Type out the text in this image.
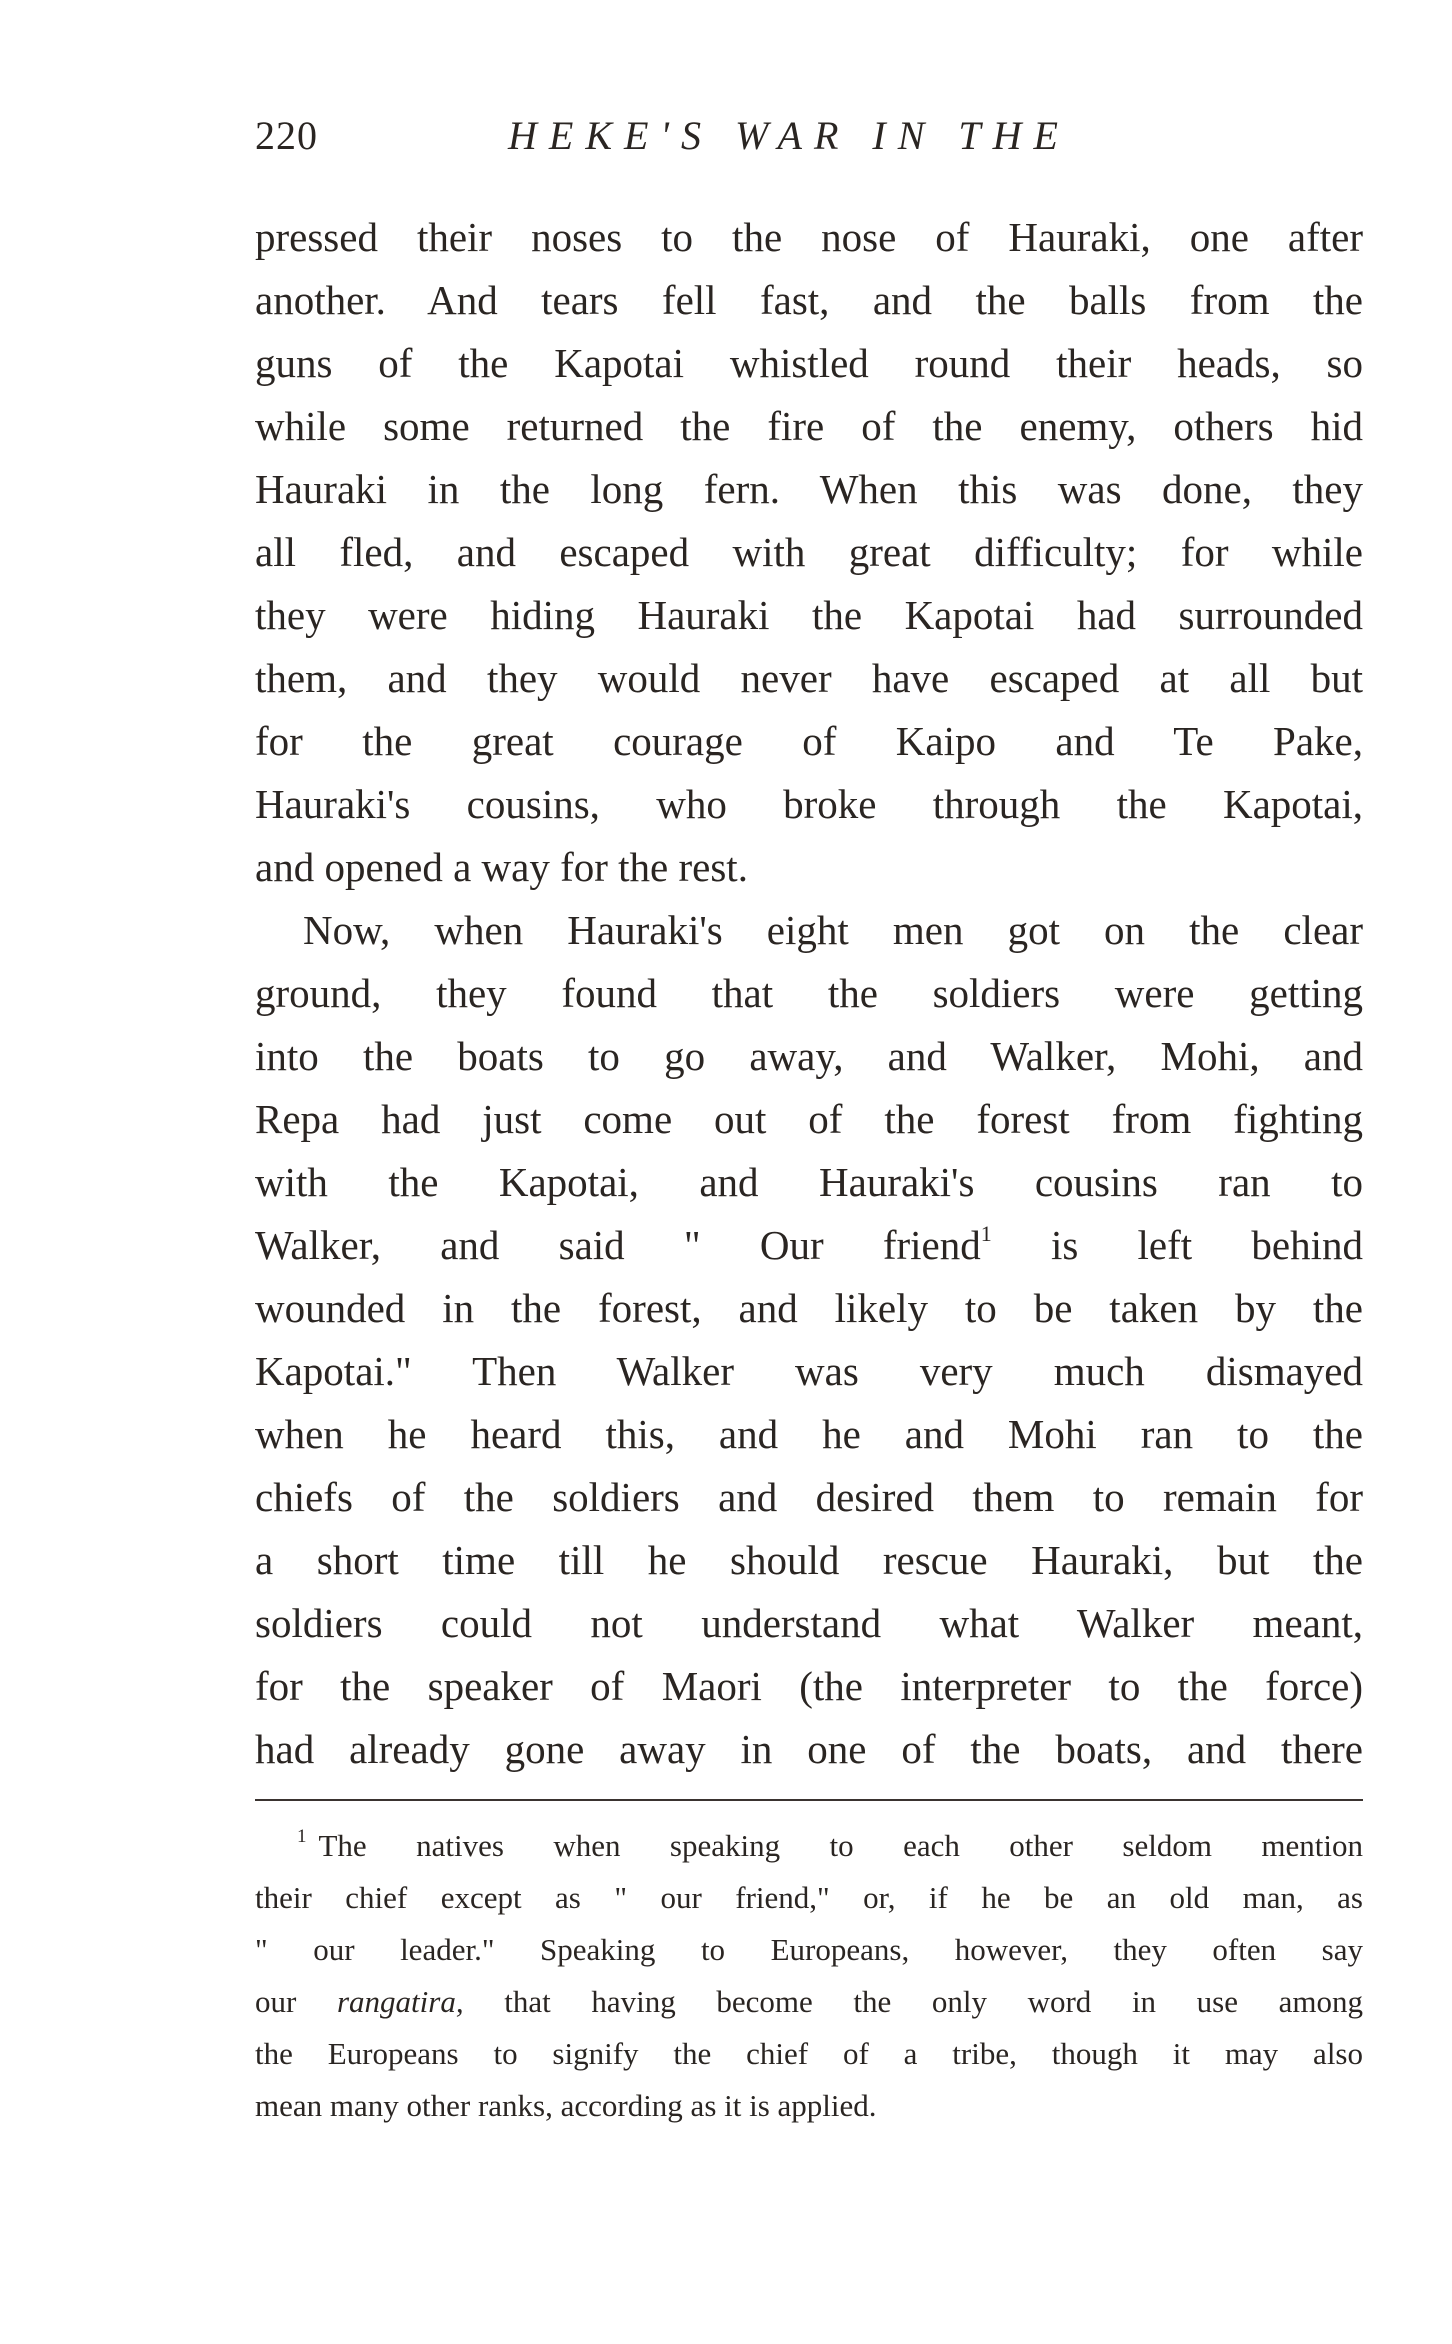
220	HEKE'S WAR IN THE
pressed their noses to the nose of Hauraki, one after
another. And tears fell fast, and the balls from the
guns of the Kapotai whistled round their heads, so
while some returned the fire of the enemy, others hid
Hauraki in the long fern. When this was done, they
all fled, and escaped with great difficulty; for while
they were hiding Hauraki the Kapotai had surrounded
them, and they would never have escaped at all but
for the great courage of Kaipo and Te Pake,
Hauraki's cousins, who broke through the Kapotai,
and opened a way for the rest.
Now, when Hauraki's eight men got on the clear
ground, they found that the soldiers were getting
into the boats to go away, and Walker, Mohi, and
Repa had just come out of the forest from fighting
with the Kapotai, and Hauraki's cousins ran to
Walker, and said " Our friend$^1$ is left behind
wounded in the forest, and likely to be taken by the
Kapotai." Then Walker was very much dismayed
when he heard this, and he and Mohi ran to the
chiefs of the soldiers and desired them to remain for
a short time till he should rescue Hauraki, but the
soldiers could not understand what Walker meant,
for the speaker of Maori (the interpreter to the force)
had already gone away in one of the boats, and there
$^1$ The natives when speaking to each other seldom mention
their chief except as " our friend," or, if he be an old man, as
" our leader." Speaking to Europeans, however, they often say
our rangatira, that having become the only word in use among
the Europeans to signify the chief of a tribe, though it may also
mean many other ranks, according as it is applied.
